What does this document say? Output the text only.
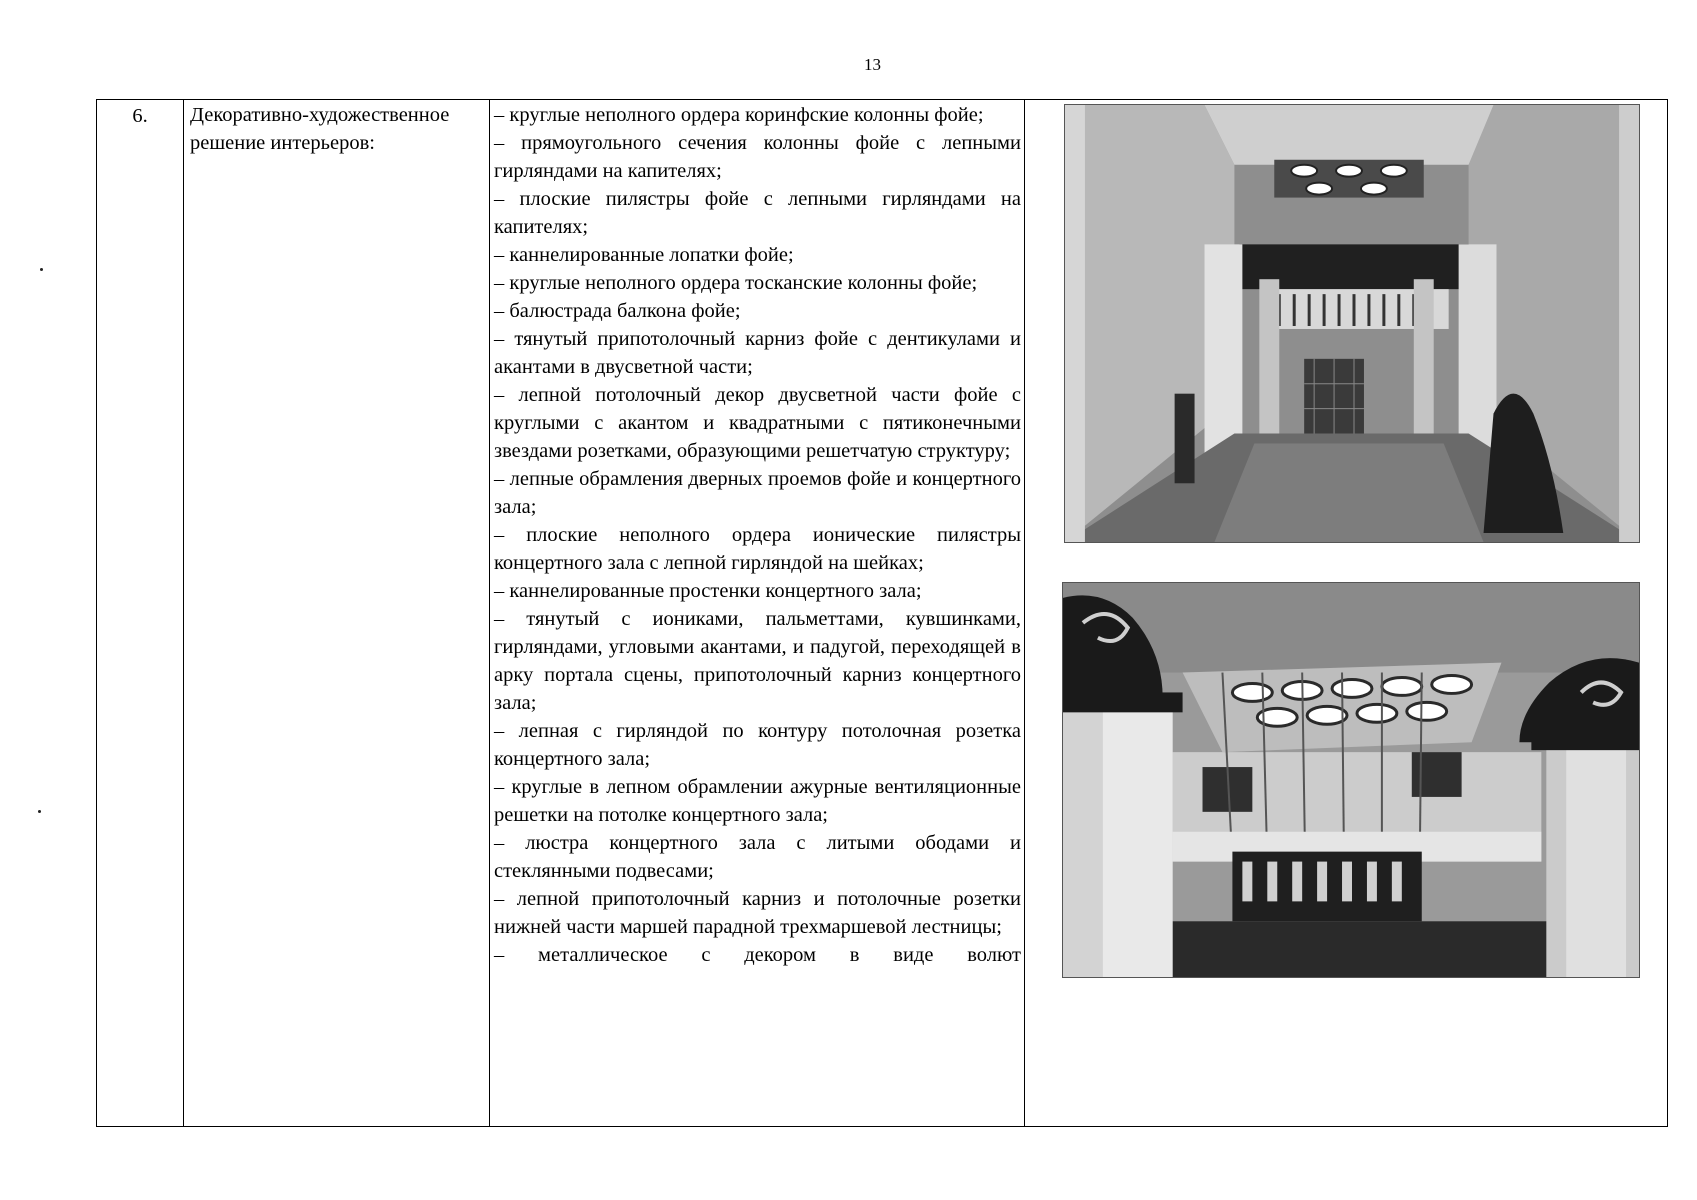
13
6.	Декоративно-художественное решение интерьеров:

– круглые неполного ордера коринфские колонны фойе;

– прямоугольного сечения колонны фойе с лепными гирляндами на капителях;

– плоские пилястры фойе с лепными гирляндами на капителях;

– каннелированные лопатки фойе;

– круглые неполного ордера тосканские колонны фойе;

– балюстрада балкона фойе;

– тянутый припотолочный карниз фойе с дентикулами и акантами в двусветной части;

– лепной потолочный декор двусветной части фойе с круглыми с акантом и квадратными с пятиконечными звездами розетками, образующими решетчатую структуру;

– лепные обрамления дверных проемов фойе и концертного зала;

– плоские неполного ордера ионические пилястры концертного зала с лепной гирляндой на шейках;

– каннелированные простенки концертного зала;

– тянутый с иониками, пальметтами, кувшинками, гирляндами, угловыми акантами, и падугой, переходящей в арку портала сцены, припотолочный карниз концертного зала;

– лепная с гирляндой по контуру потолочная розетка концертного зала;

– круглые в лепном обрамлении ажурные вентиляционные решетки на потолке концертного зала;

– люстра концертного зала с литыми ободами и стеклянными подвесами;

– лепной припотолочный карниз и потолочные розетки нижней части маршей парадной трехмаршевой лестницы;

– металлическое с декором в виде волют
